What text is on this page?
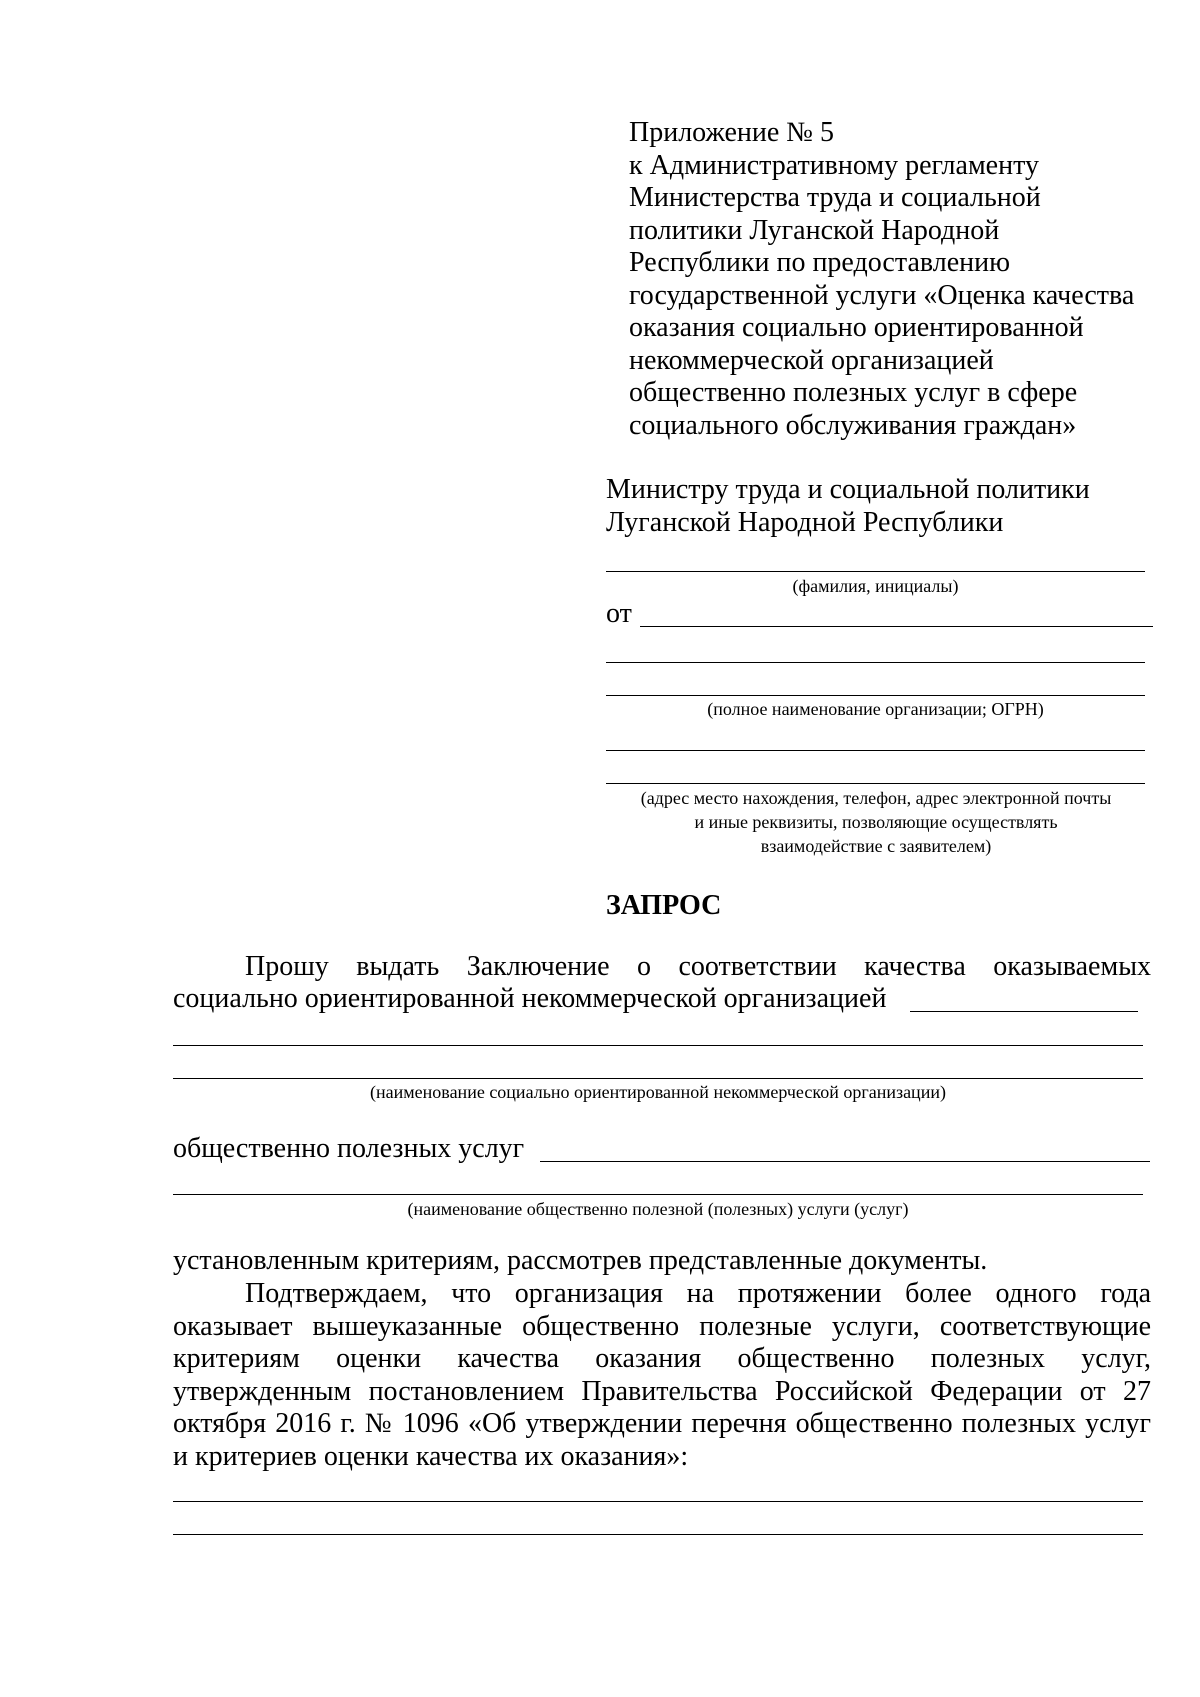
Приложение № 5

к Административному регламенту

Министерства труда и социальной

политики Луганской Народной

Республики по предоставлению

государственной услуги «Оценка качества

оказания социально ориентированной

некоммерческой организацией

общественно полезных услуг в сфере

социального обслуживания граждан»

Министру труда и социальной политики

Луганской Народной Республики

(фамилия, инициалы)
от
(полное наименование организации; ОГРН)

(адрес место нахождения, телефон, адрес электронной почты

и иные реквизиты, позволяющие осуществлять

взаимодействие с заявителем)

ЗАПРОС
Прошу выдать Заключение о соответствии качества оказываемых
социально ориентированной некоммерческой организацией
(наименование социально ориентированной некоммерческой организации)
общественно полезных услуг
(наименование общественно полезной (полезных) услуги (услуг)
установленным критериям, рассмотрев представленные документы.

Подтверждаем, что организация на протяжении более одного года

оказывает вышеуказанные общественно полезные услуги, соответствующие

критериям оценки качества оказания общественно полезных услуг,

утвержденным постановлением Правительства Российской Федерации от 27

октября 2016 г. № 1096 «Об утверждении перечня общественно полезных услуг

и критериев оценки качества их оказания»:
